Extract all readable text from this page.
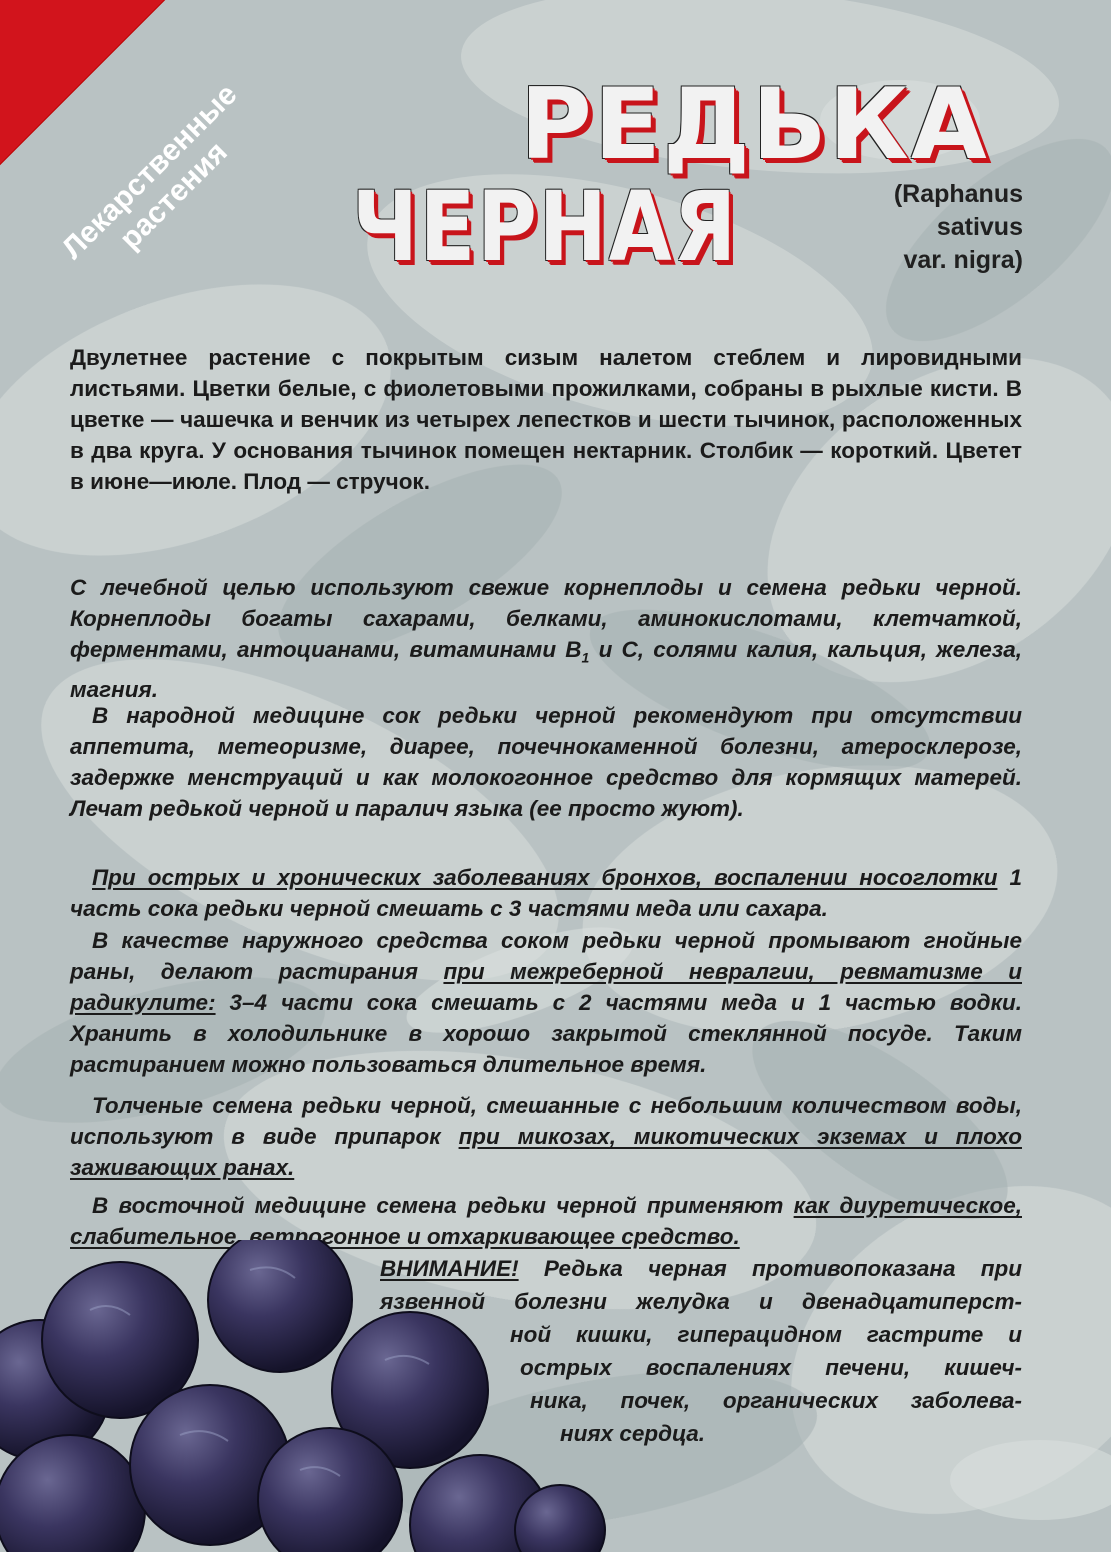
Лекарственные
растения
РЕДЬКА
ЧЕРНАЯ	(Raphanus
sativus
var. nigra)

Двулетнее растение с покрытым сизым налетом стеблем и лировидными листьями. Цветки белые, с фиолетовыми прожилками, собраны в рыхлые кисти. В цветке — чашечка и венчик из четырех лепестков и шести тычинок, расположенных в два круга. У основания тычинок помещен нектарник. Столбик — короткий. Цветет в июне—июле. Плод — стручок.

С лечебной целью используют свежие корнеплоды и семена редьки черной. Корнеплоды богаты сахарами, белками, аминокислотами, клетчаткой, ферментами, антоцианами, витаминами $В_1$ и С, солями калия, кальция, железа, магния.

В народной медицине сок редьки черной рекомендуют при отсутствии аппетита, метеоризме, диарее, почечнокаменной болезни, атеросклерозе, задержке менструаций и как молокогонное средство для кормящих матерей. Лечат редькой черной и паралич языка (ее просто жуют).

При острых и хронических заболеваниях бронхов, воспалении носоглотки 1 часть сока редьки черной смешать с 3 частями меда или сахара.

В качестве наружного средства соком редьки черной промывают гнойные раны, делают растирания при межреберной невралгии, ревматизме и радикулите: 3–4 части сока смешать с 2 частями меда и 1 частью водки. Хранить в холодильнике в хорошо закрытой стеклянной посуде. Таким растиранием можно пользоваться длительное время.

Толченые семена редьки черной, смешанные с небольшим количеством воды, используют в виде припарок при микозах, микотических экземах и плохо заживающих ранах.

В восточной медицине семена редьки черной применяют как диуретическое, слабительное, ветрогонное и отхаркивающее средство.

ВНИМАНИЕ! Редька черная противопоказана при
язвенной болезни желудка и двенадцатиперст-
ной кишки, гиперацидном гастрите и
острых воспалениях печени, кишеч-
ника, почек, органических заболева-
ниях сердца.
